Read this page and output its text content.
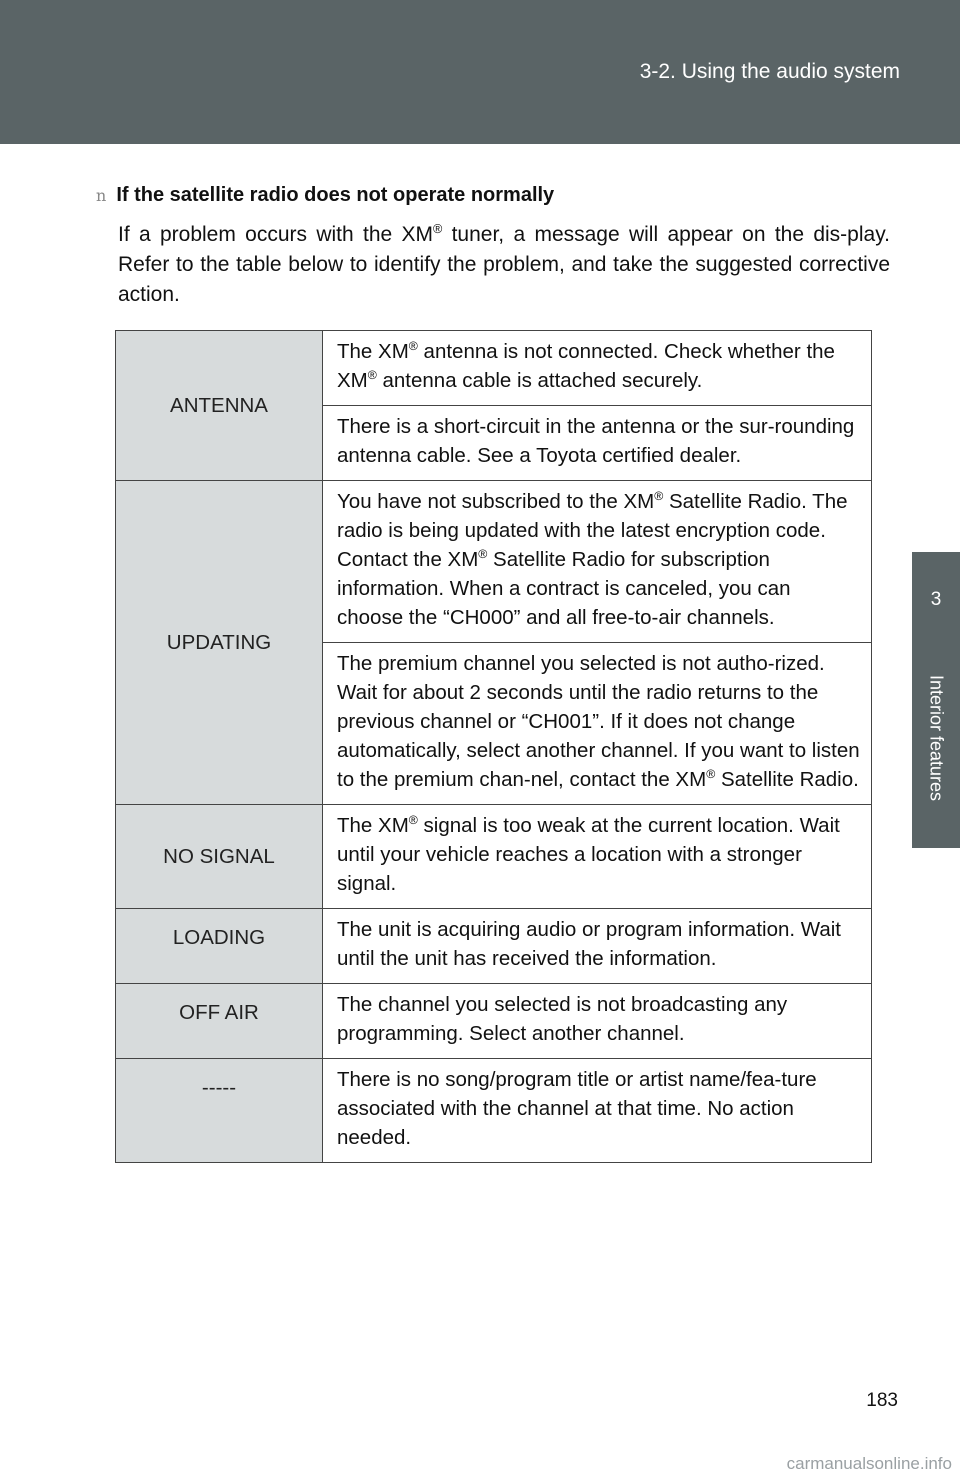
3-2. Using the audio system
3
Interior features
n If the satellite radio does not operate normally

If a problem occurs with the XM® tuner, a message will appear on the dis-play. Refer to the table below to identify the problem, and take the suggested corrective action.

ANTENNA	The XM® antenna is not connected. Check whether the XM® antenna cable is attached securely.
	There is a short-circuit in the antenna or the sur-rounding antenna cable. See a Toyota certified dealer.
UPDATING	You have not subscribed to the XM® Satellite Radio. The radio is being updated with the latest encryption code. Contact the XM® Satellite Radio for subscription information. When a contract is canceled, you can choose the “CH000” and all free-to-air channels.
	The premium channel you selected is not autho-rized. Wait for about 2 seconds until the radio returns to the previous channel or “CH001”. If it does not change automatically, select another channel. If you want to listen to the premium chan-nel, contact the XM® Satellite Radio.
NO SIGNAL	The XM® signal is too weak at the current location. Wait until your vehicle reaches a location with a stronger signal.
LOADING	The unit is acquiring audio or program information. Wait until the unit has received the information.
OFF AIR	The channel you selected is not broadcasting any programming. Select another channel.
-----	There is no song/program title or artist name/fea-ture associated with the channel at that time. No action needed.
183
carmanualsonline.info
